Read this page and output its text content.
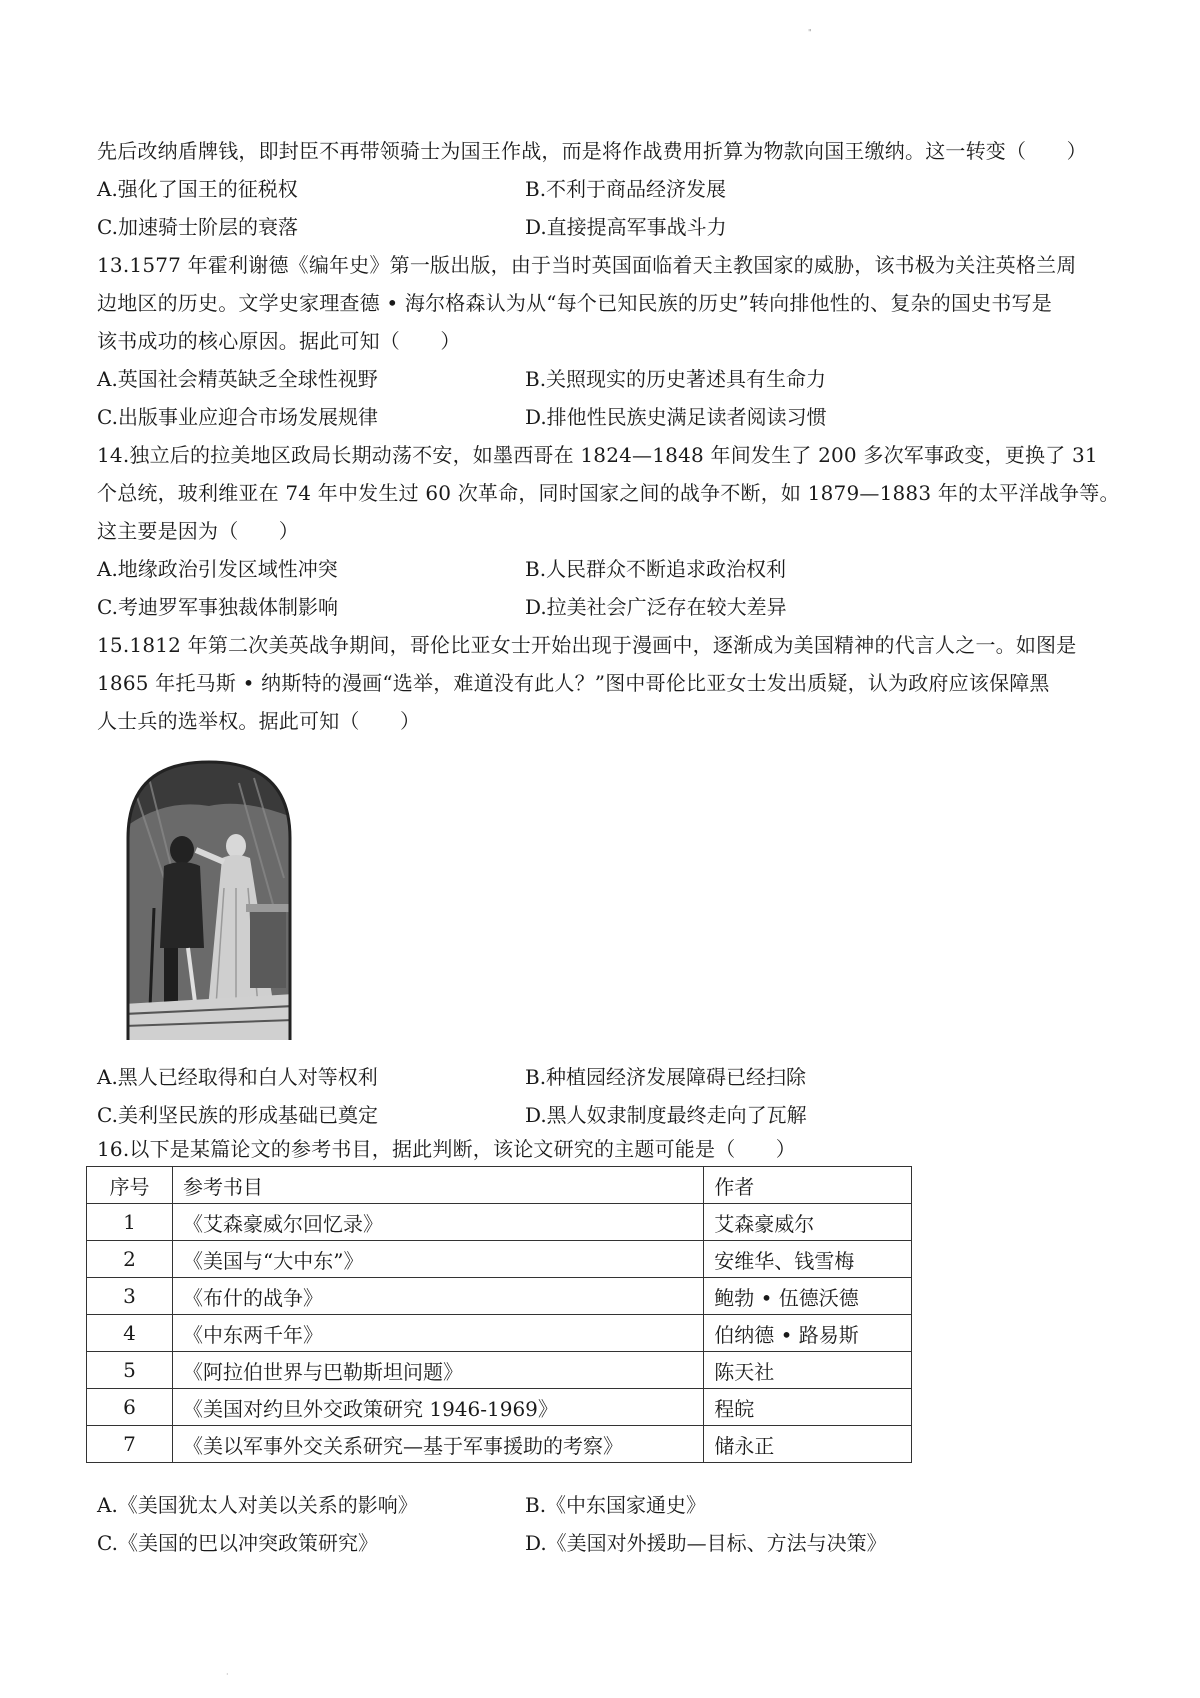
"

先后改纳盾牌钱，即封臣不再带领骑士为国王作战，而是将作战费用折算为物款向国王缴纳。这一转变（　　）

A.强化了国王的征税权	B.不利于商品经济发展
C.加速骑士阶层的衰落	D.直接提高军事战斗力

13.1577 年霍利谢德《编年史》第一版出版，由于当时英国面临着天主教国家的威胁，该书极为关注英格兰周

边地区的历史。文学史家理查德 • 海尔格森认为从“每个已知民族的历史”转向排他性的、复杂的国史书写是

该书成功的核心原因。据此可知（　　）

A.英国社会精英缺乏全球性视野	B.关照现实的历史著述具有生命力
C.出版事业应迎合市场发展规律	D.排他性民族史满足读者阅读习惯

14.独立后的拉美地区政局长期动荡不安，如墨西哥在 1824—1848 年间发生了 200 多次军事政变，更换了 31

个总统，玻利维亚在 74 年中发生过 60 次革命，同时国家之间的战争不断，如 1879—1883 年的太平洋战争等。

这主要是因为（　　）

A.地缘政治引发区域性冲突	B.人民群众不断追求政治权利
C.考迪罗军事独裁体制影响	D.拉美社会广泛存在较大差异

15.1812 年第二次美英战争期间，哥伦比亚女士开始出现于漫画中，逐渐成为美国精神的代言人之一。如图是

1865 年托马斯 • 纳斯特的漫画“选举，难道没有此人？”图中哥伦比亚女士发出质疑，认为政府应该保障黑

人士兵的选举权。据此可知（　　）

A.黑人已经取得和白人对等权利	B.种植园经济发展障碍已经扫除
C.美利坚民族的形成基础已奠定	D.黑人奴隶制度最终走向了瓦解

16.以下是某篇论文的参考书目，据此判断，该论文研究的主题可能是（　　）

序号	参考书目	作者
1	《艾森豪威尔回忆录》	艾森豪威尔
2	《美国与“大中东”》	安维华、钱雪梅
3	《布什的战争》	鲍勃 • 伍德沃德
4	《中东两千年》	伯纳德 • 路易斯
5	《阿拉伯世界与巴勒斯坦问题》	陈天社
6	《美国对约旦外交政策研究 1946-1969》	程皖
7	《美以军事外交关系研究—基于军事援助的考察》	储永正
A.《美国犹太人对美以关系的影响》	B.《中东国家通史》
C.《美国的巴以冲突政策研究》	D.《美国对外援助—目标、方法与决策》
·
